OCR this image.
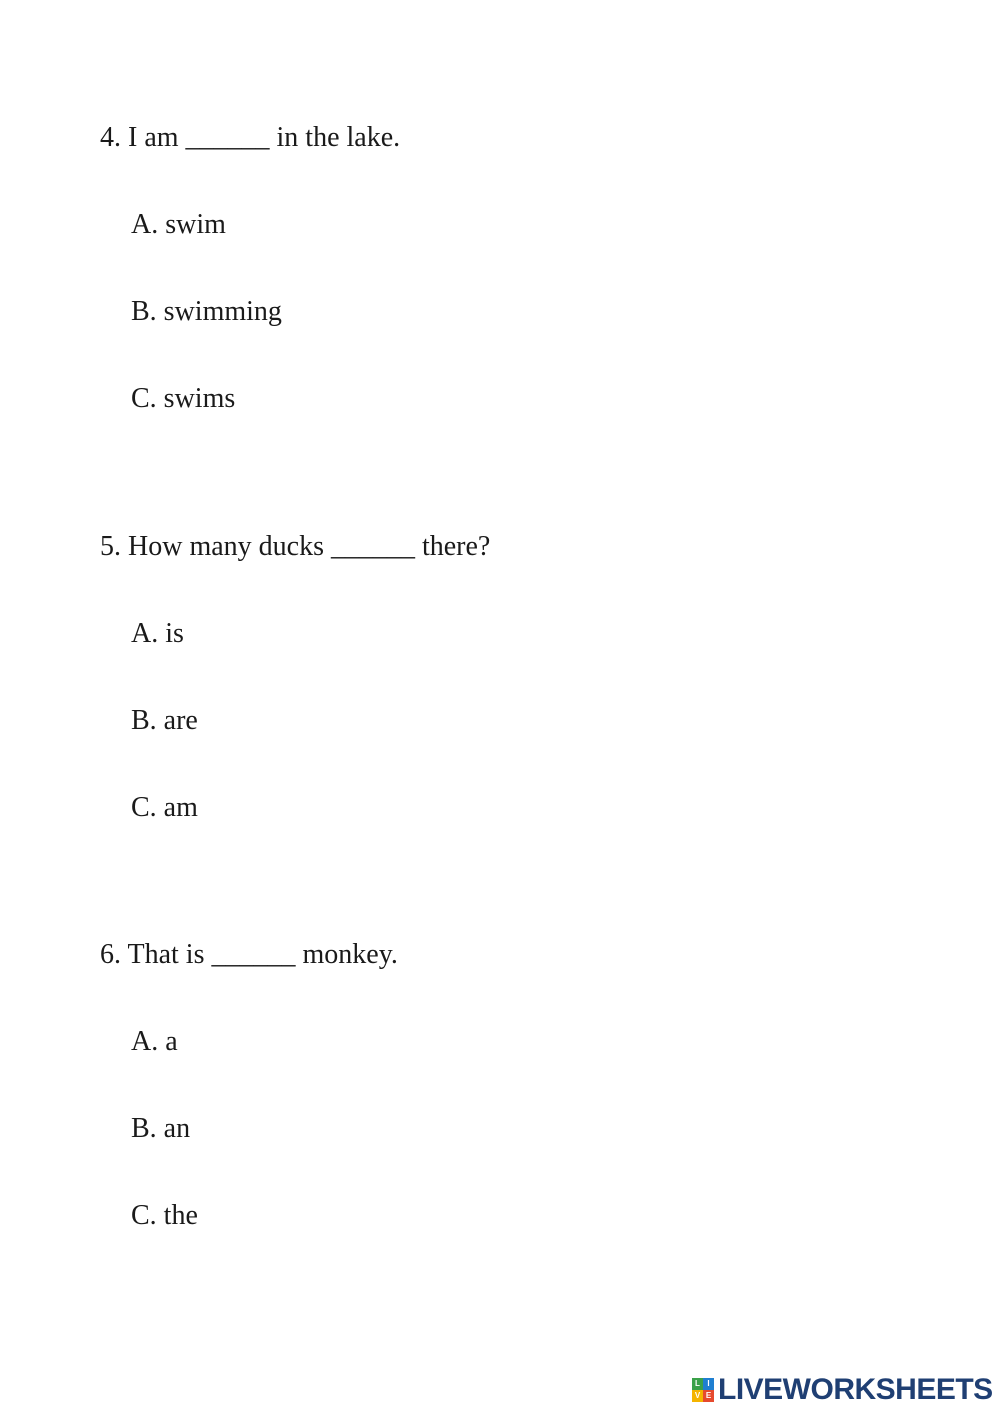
4. I am ______ in the lake.
A. swim
B. swimming
C. swims
5. How many ducks ______ there?
A. is
B. are
C. am
6. That is ______ monkey.
A. a
B. an
C. the
L I
V E LIVEWORKSHEETS
